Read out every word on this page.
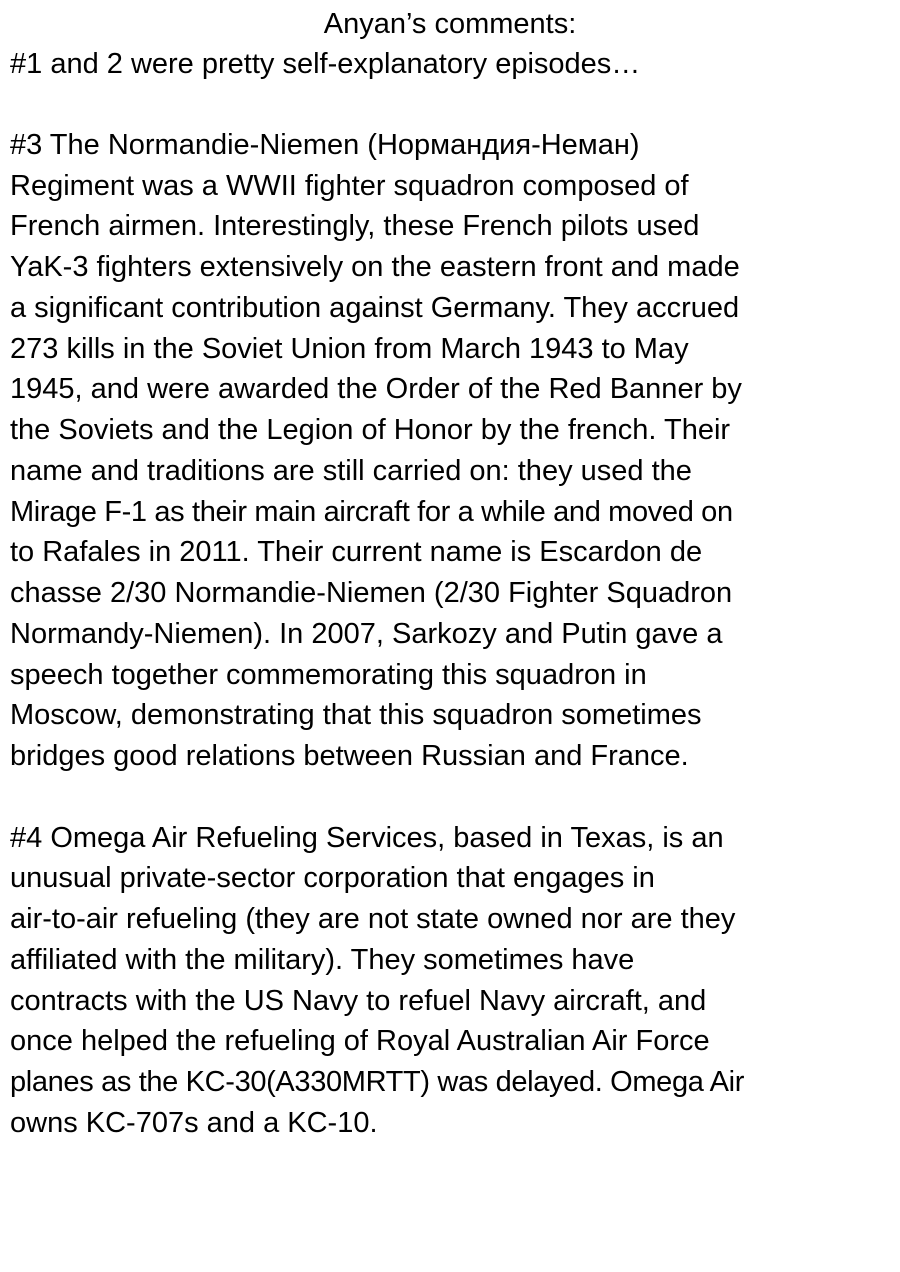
Anyan’s comments:

#1 and 2 were pretty self-explanatory episodes…

#3 The Normandie-Niemen (Нормандия-Неман)

Regiment was a WWII fighter squadron composed of

French airmen. Interestingly, these French pilots used

YaK-3 fighters extensively on the eastern front and made

a significant contribution against Germany. They accrued

273 kills in the Soviet Union from March 1943 to May

1945, and were awarded the Order of the Red Banner by

the Soviets and the Legion of Honor by the french. Their

name and traditions are still carried on: they used the

Mirage F-1 as their main aircraft for a while and moved on

to Rafales in 2011. Their current name is Escardon de

chasse 2/30 Normandie-Niemen (2/30 Fighter Squadron

Normandy-Niemen). In 2007, Sarkozy and Putin gave a

speech together commemorating this squadron in

Moscow, demonstrating that this squadron sometimes

bridges good relations between Russian and France.

#4 Omega Air Refueling Services, based in Texas, is an

unusual private-sector corporation that engages in

air-to-air refueling (they are not state owned nor are they

affiliated with the military). They sometimes have

contracts with the US Navy to refuel Navy aircraft, and

once helped the refueling of Royal Australian Air Force

planes as the KC-30(A330MRTT) was delayed. Omega Air

owns KC-707s and a KC-10.
